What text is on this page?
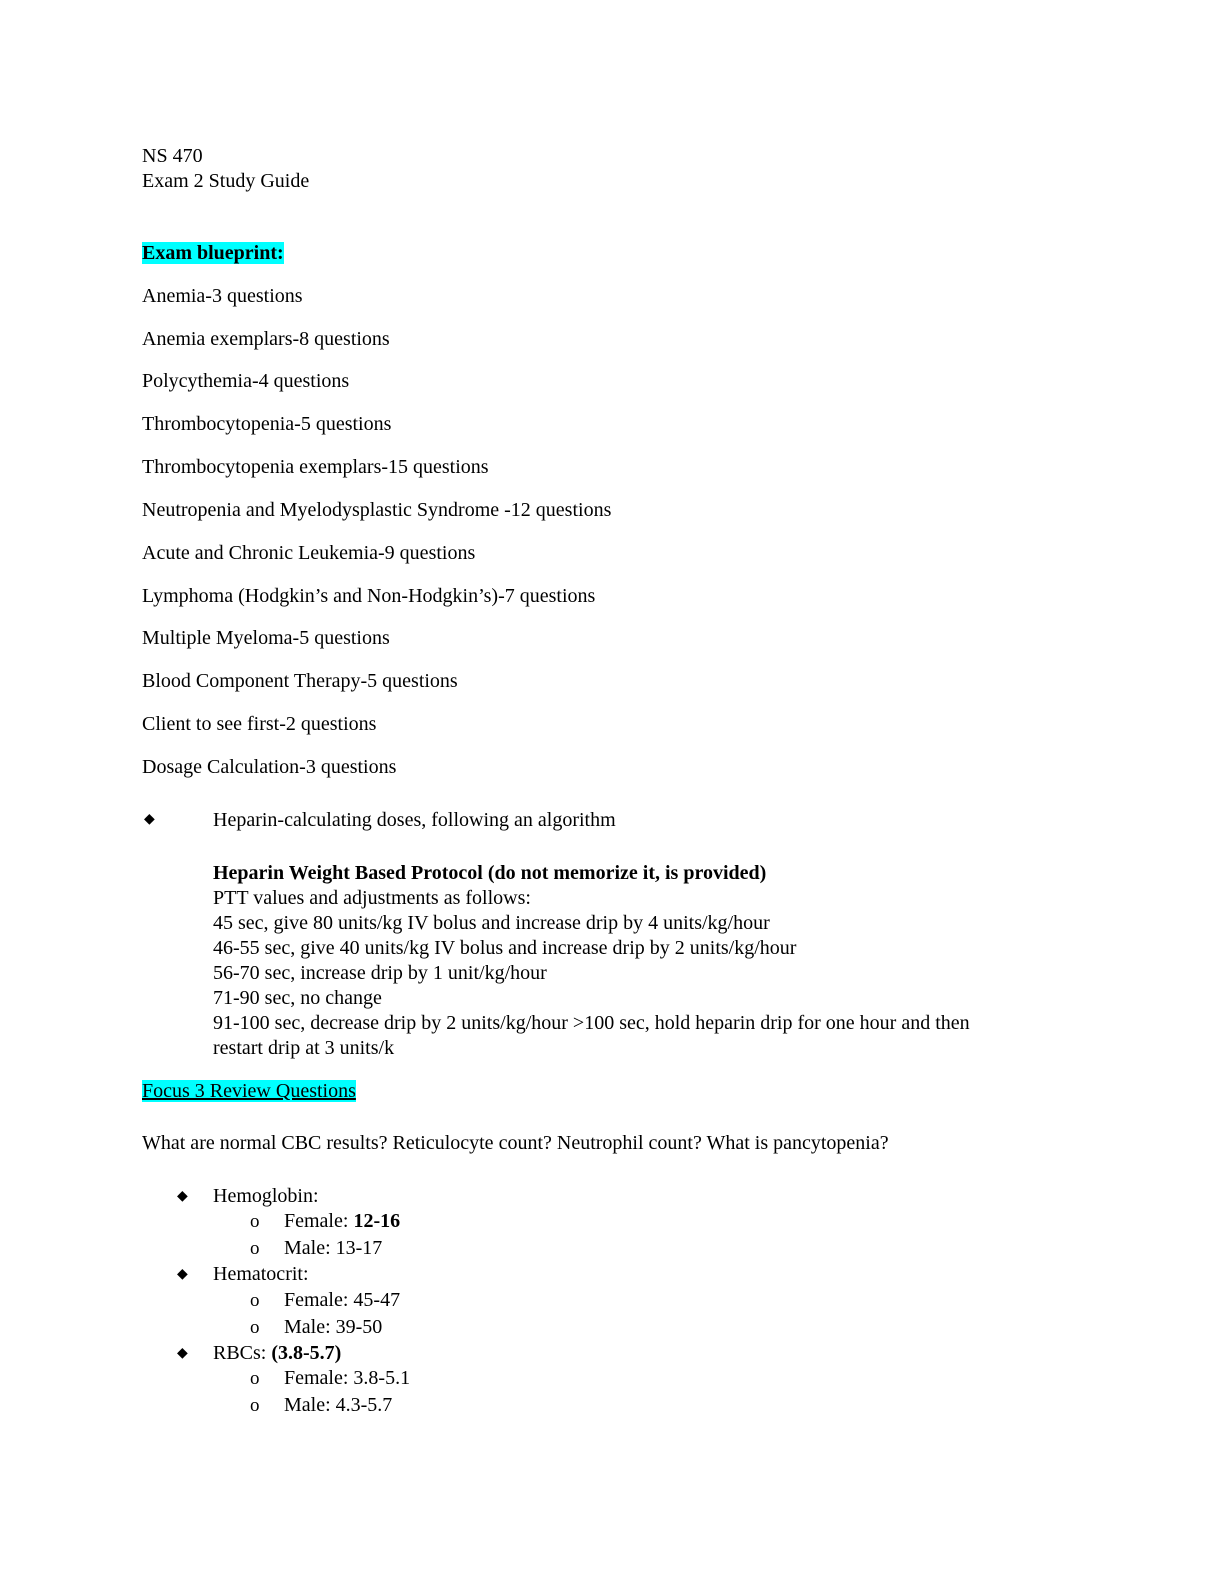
NS 470
Exam 2 Study Guide
Exam blueprint:
Anemia-3 questions
Anemia exemplars-8 questions
Polycythemia-4 questions
Thrombocytopenia-5 questions
Thrombocytopenia exemplars-15 questions
Neutropenia and Myelodysplastic Syndrome -12 questions
Acute and Chronic Leukemia-9 questions
Lymphoma (Hodgkin’s and Non-Hodgkin’s)-7 questions
Multiple Myeloma-5 questions
Blood Component Therapy-5 questions
Client to see first-2 questions
Dosage Calculation-3 questions
◆	Heparin-calculating doses, following an algorithm
Heparin Weight Based Protocol (do not memorize it, is provided)
PTT values and adjustments as follows:
45 sec, give 80 units/kg IV bolus and increase drip by 4 units/kg/hour
46-55 sec, give 40 units/kg IV bolus and increase drip by 2 units/kg/hour
56-70 sec, increase drip by 1 unit/kg/hour
71-90 sec, no change
91-100 sec, decrease drip by 2 units/kg/hour >100 sec, hold heparin drip for one hour and then
restart drip at 3 units/k
Focus 3 Review Questions
What are normal CBC results? Reticulocyte count? Neutrophil count? What is pancytopenia?
◆ Hemoglobin:
o Female: 12-16
o Male: 13-17
◆ Hematocrit:
o Female: 45-47
o Male: 39-50
◆ RBCs: (3.8-5.7)
o Female: 3.8-5.1
o Male: 4.3-5.7
